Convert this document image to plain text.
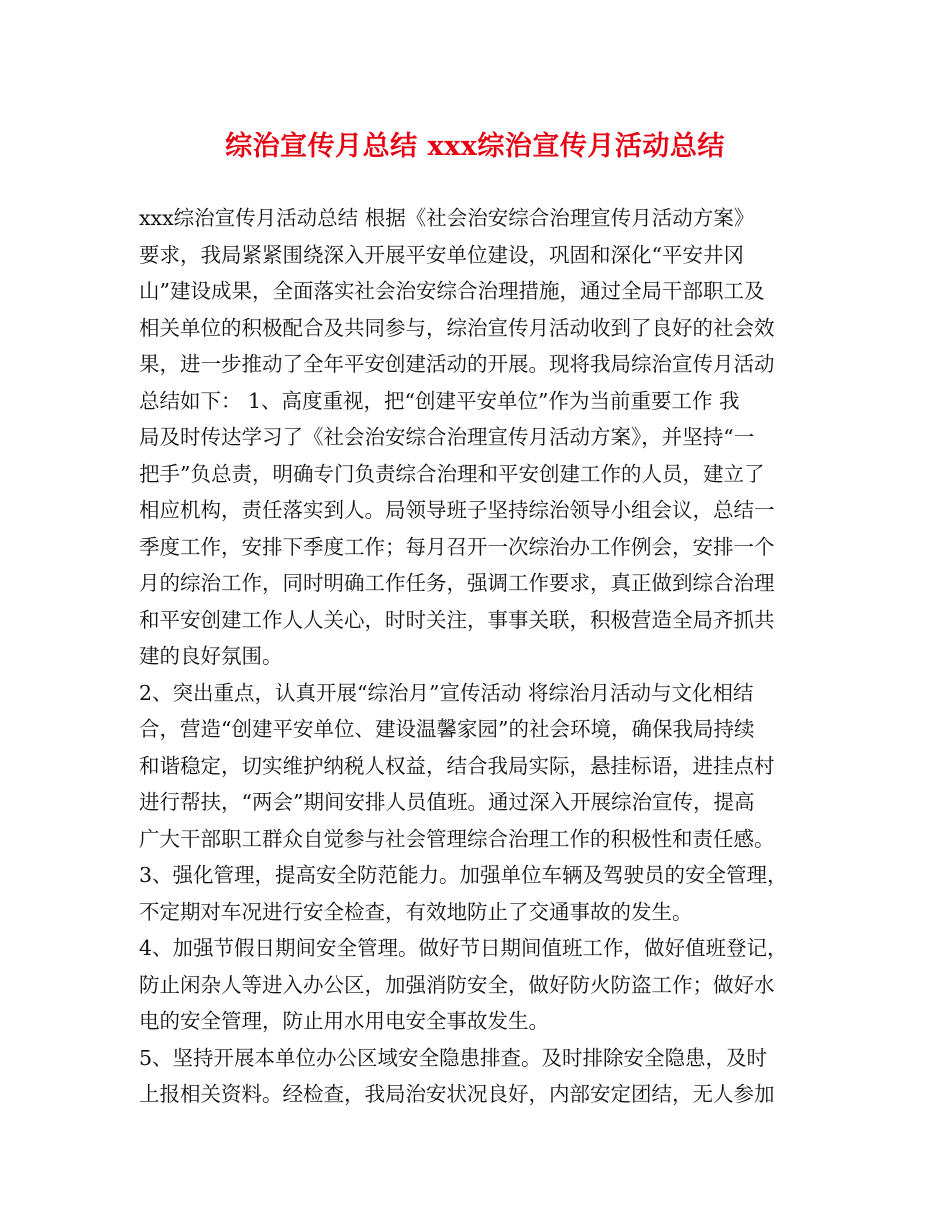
综治宣传月总结 xxx综治宣传月活动总结
xxx综治宣传月活动总结 根据《社会治安综合治理宣传月活动方案》
要求，我局紧紧围绕深入开展平安单位建设，巩固和深化“平安井冈
山”建设成果，全面落实社会治安综合治理措施，通过全局干部职工及
相关单位的积极配合及共同参与，综治宣传月活动收到了良好的社会效
果，进一步推动了全年平安创建活动的开展。现将我局综治宣传月活动
总结如下： 1、高度重视，把“创建平安单位”作为当前重要工作 我
局及时传达学习了《社会治安综合治理宣传月活动方案》，并坚持“一
把手”负总责，明确专门负责综合治理和平安创建工作的人员，建立了
相应机构，责任落实到人。局领导班子坚持综治领导小组会议，总结一
季度工作，安排下季度工作；每月召开一次综治办工作例会，安排一个
月的综治工作，同时明确工作任务，强调工作要求，真正做到综合治理
和平安创建工作人人关心，时时关注，事事关联，积极营造全局齐抓共
建的良好氛围。
2、突出重点，认真开展“综治月”宣传活动 将综治月活动与文化相结
合，营造“创建平安单位、建设温馨家园”的社会环境，确保我局持续
和谐稳定，切实维护纳税人权益，结合我局实际，悬挂标语，进挂点村
进行帮扶，“两会”期间安排人员值班。通过深入开展综治宣传，提高
广大干部职工群众自觉参与社会管理综合治理工作的积极性和责任感。
3、强化管理，提高安全防范能力。加强单位车辆及驾驶员的安全管理，
不定期对车况进行安全检查，有效地防止了交通事故的发生。
4、加强节假日期间安全管理。做好节日期间值班工作，做好值班登记，
防止闲杂人等进入办公区，加强消防安全，做好防火防盗工作；做好水
电的安全管理，防止用水用电安全事故发生。
5、坚持开展本单位办公区域安全隐患排查。及时排除安全隐患，及时
上报相关资料。经检查，我局治安状况良好，内部安定团结，无人参加
